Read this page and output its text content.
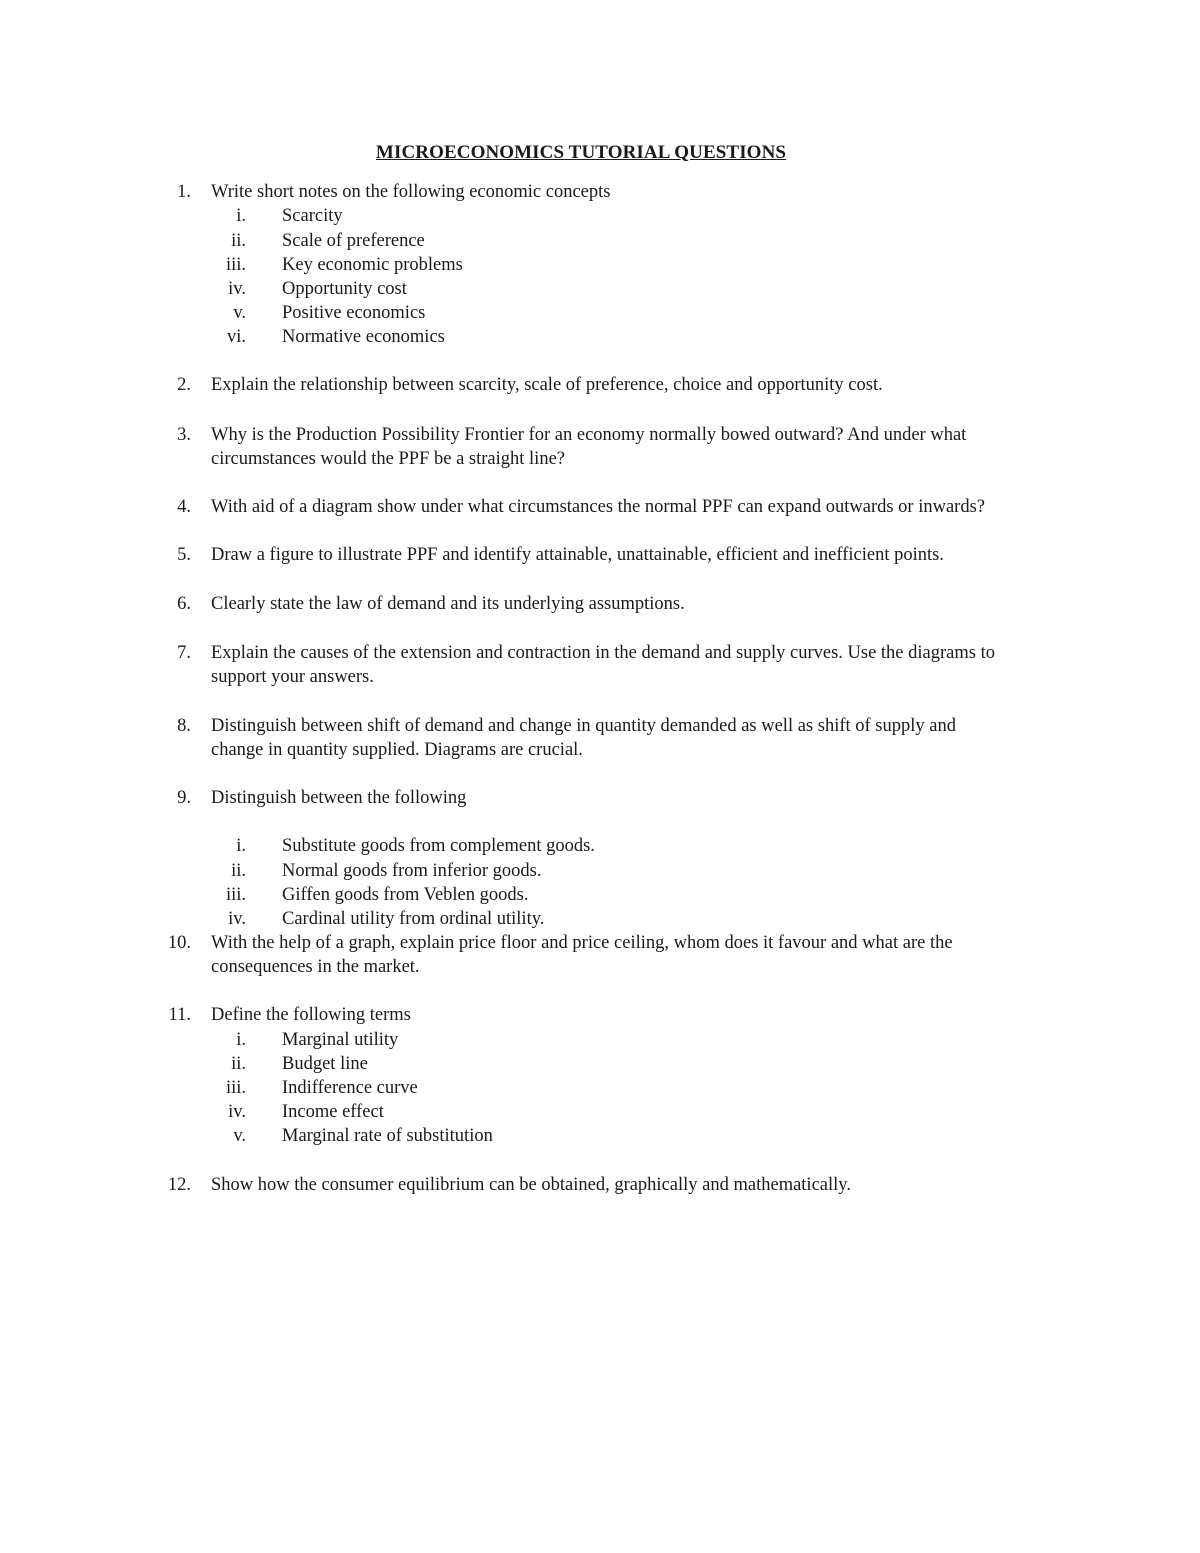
MICROECONOMICS TUTORIAL QUESTIONS
1. Write short notes on the following economic concepts
i. Scarcity
ii. Scale of preference
iii. Key economic problems
iv. Opportunity cost
v. Positive economics
vi. Normative economics
2. Explain the relationship between scarcity, scale of preference, choice and opportunity cost.
3. Why is the Production Possibility Frontier for an economy normally bowed outward? And under what
circumstances would the PPF be a straight line?
4. With aid of a diagram show under what circumstances the normal PPF can expand outwards or inwards?
5. Draw a figure to illustrate PPF and identify attainable, unattainable, efficient and inefficient points.
6. Clearly state the law of demand and its underlying assumptions.
7. Explain the causes of the extension and contraction in the demand and supply curves. Use the diagrams to
support your answers.
8. Distinguish between shift of demand and change in quantity demanded as well as shift of supply and
change in quantity supplied. Diagrams are crucial.
9. Distinguish between the following
i. Substitute goods from complement goods.
ii. Normal goods from inferior goods.
iii. Giffen goods from Veblen goods.
iv. Cardinal utility from ordinal utility.
10. With the help of a graph, explain price floor and price ceiling, whom does it favour and what are the
consequences in the market.
11. Define the following terms
i. Marginal utility
ii. Budget line
iii. Indifference curve
iv. Income effect
v. Marginal rate of substitution
12. Show how the consumer equilibrium can be obtained, graphically and mathematically.
